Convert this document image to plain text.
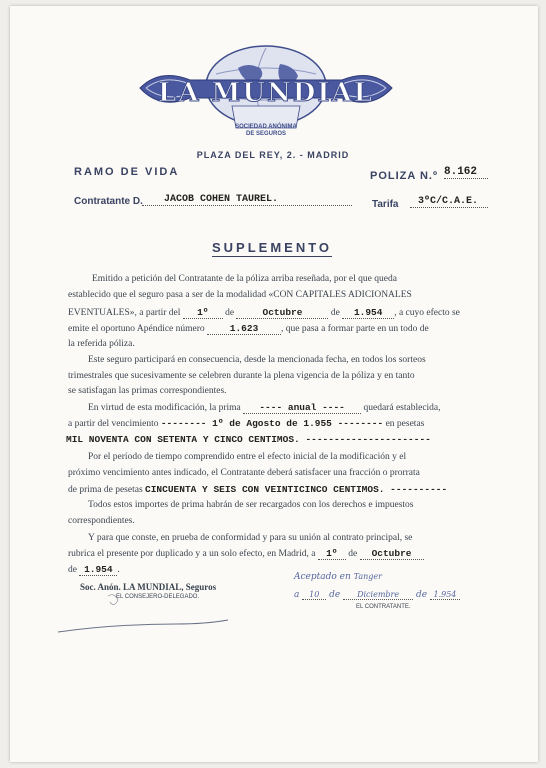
LA MUNDIAL
SOCIEDAD ANÓNIMA
DE SEGUROS
PLAZA DEL REY, 2. - MADRID
RAMO DE VIDA	POLIZA N.º 8.162
Contratante D.	JACOB COHEN TAUREL.	Tarifa	3ºC/C.A.E.
SUPLEMENTO
Emitido a petición del Contratante de la póliza arriba reseñada, por el que queda
establecido que el seguro pasa a ser de la modalidad «CON CAPITALES ADICIONALES
EVENTUALES», a partir del 1º de	Octubre	de 1.954 , a cuyo efecto se
emite el oportuno Apéndice número	1.623 , que pasa a formar parte en un todo de
la referida póliza.
Este seguro participará en consecuencia, desde la mencionada fecha, en todos los sorteos
trimestrales que sucesivamente se celebren durante la plena vigencia de la póliza y en tanto
se satisfagan las primas correspondientes.
En virtud de esta modificación, la prima ---- anual ---- quedará establecida,
a partir del vencimiento -------- 1º de Agosto de 1.955 -------- en pesetas
MIL NOVENTA CON SETENTA Y CINCO CENTIMOS. ----------------------
Por el período de tiempo comprendido entre el efecto inicial de la modificación y el
próximo vencimiento antes indicado, el Contratante deberá satisfacer una fracción o prorrata
de prima de pesetas CINCUENTA Y SEIS CON VEINTICINCO CENTIMOS. ----------
Todos estos importes de prima habrán de ser recargados con los derechos e impuestos
correspondientes.
Y para que conste, en prueba de conformidad y para su unión al contrato principal, se
rubrica el presente por duplicado y a un solo efecto, en Madrid, a 1º de Octubre
de 1.954 .
Soc. Anón. LA MUNDIAL, Seguros
EL CONSEJERO-DELEGADO.
Aceptado en Tanger
a 10 de Diciembre de 1.954
EL CONTRATANTE.
